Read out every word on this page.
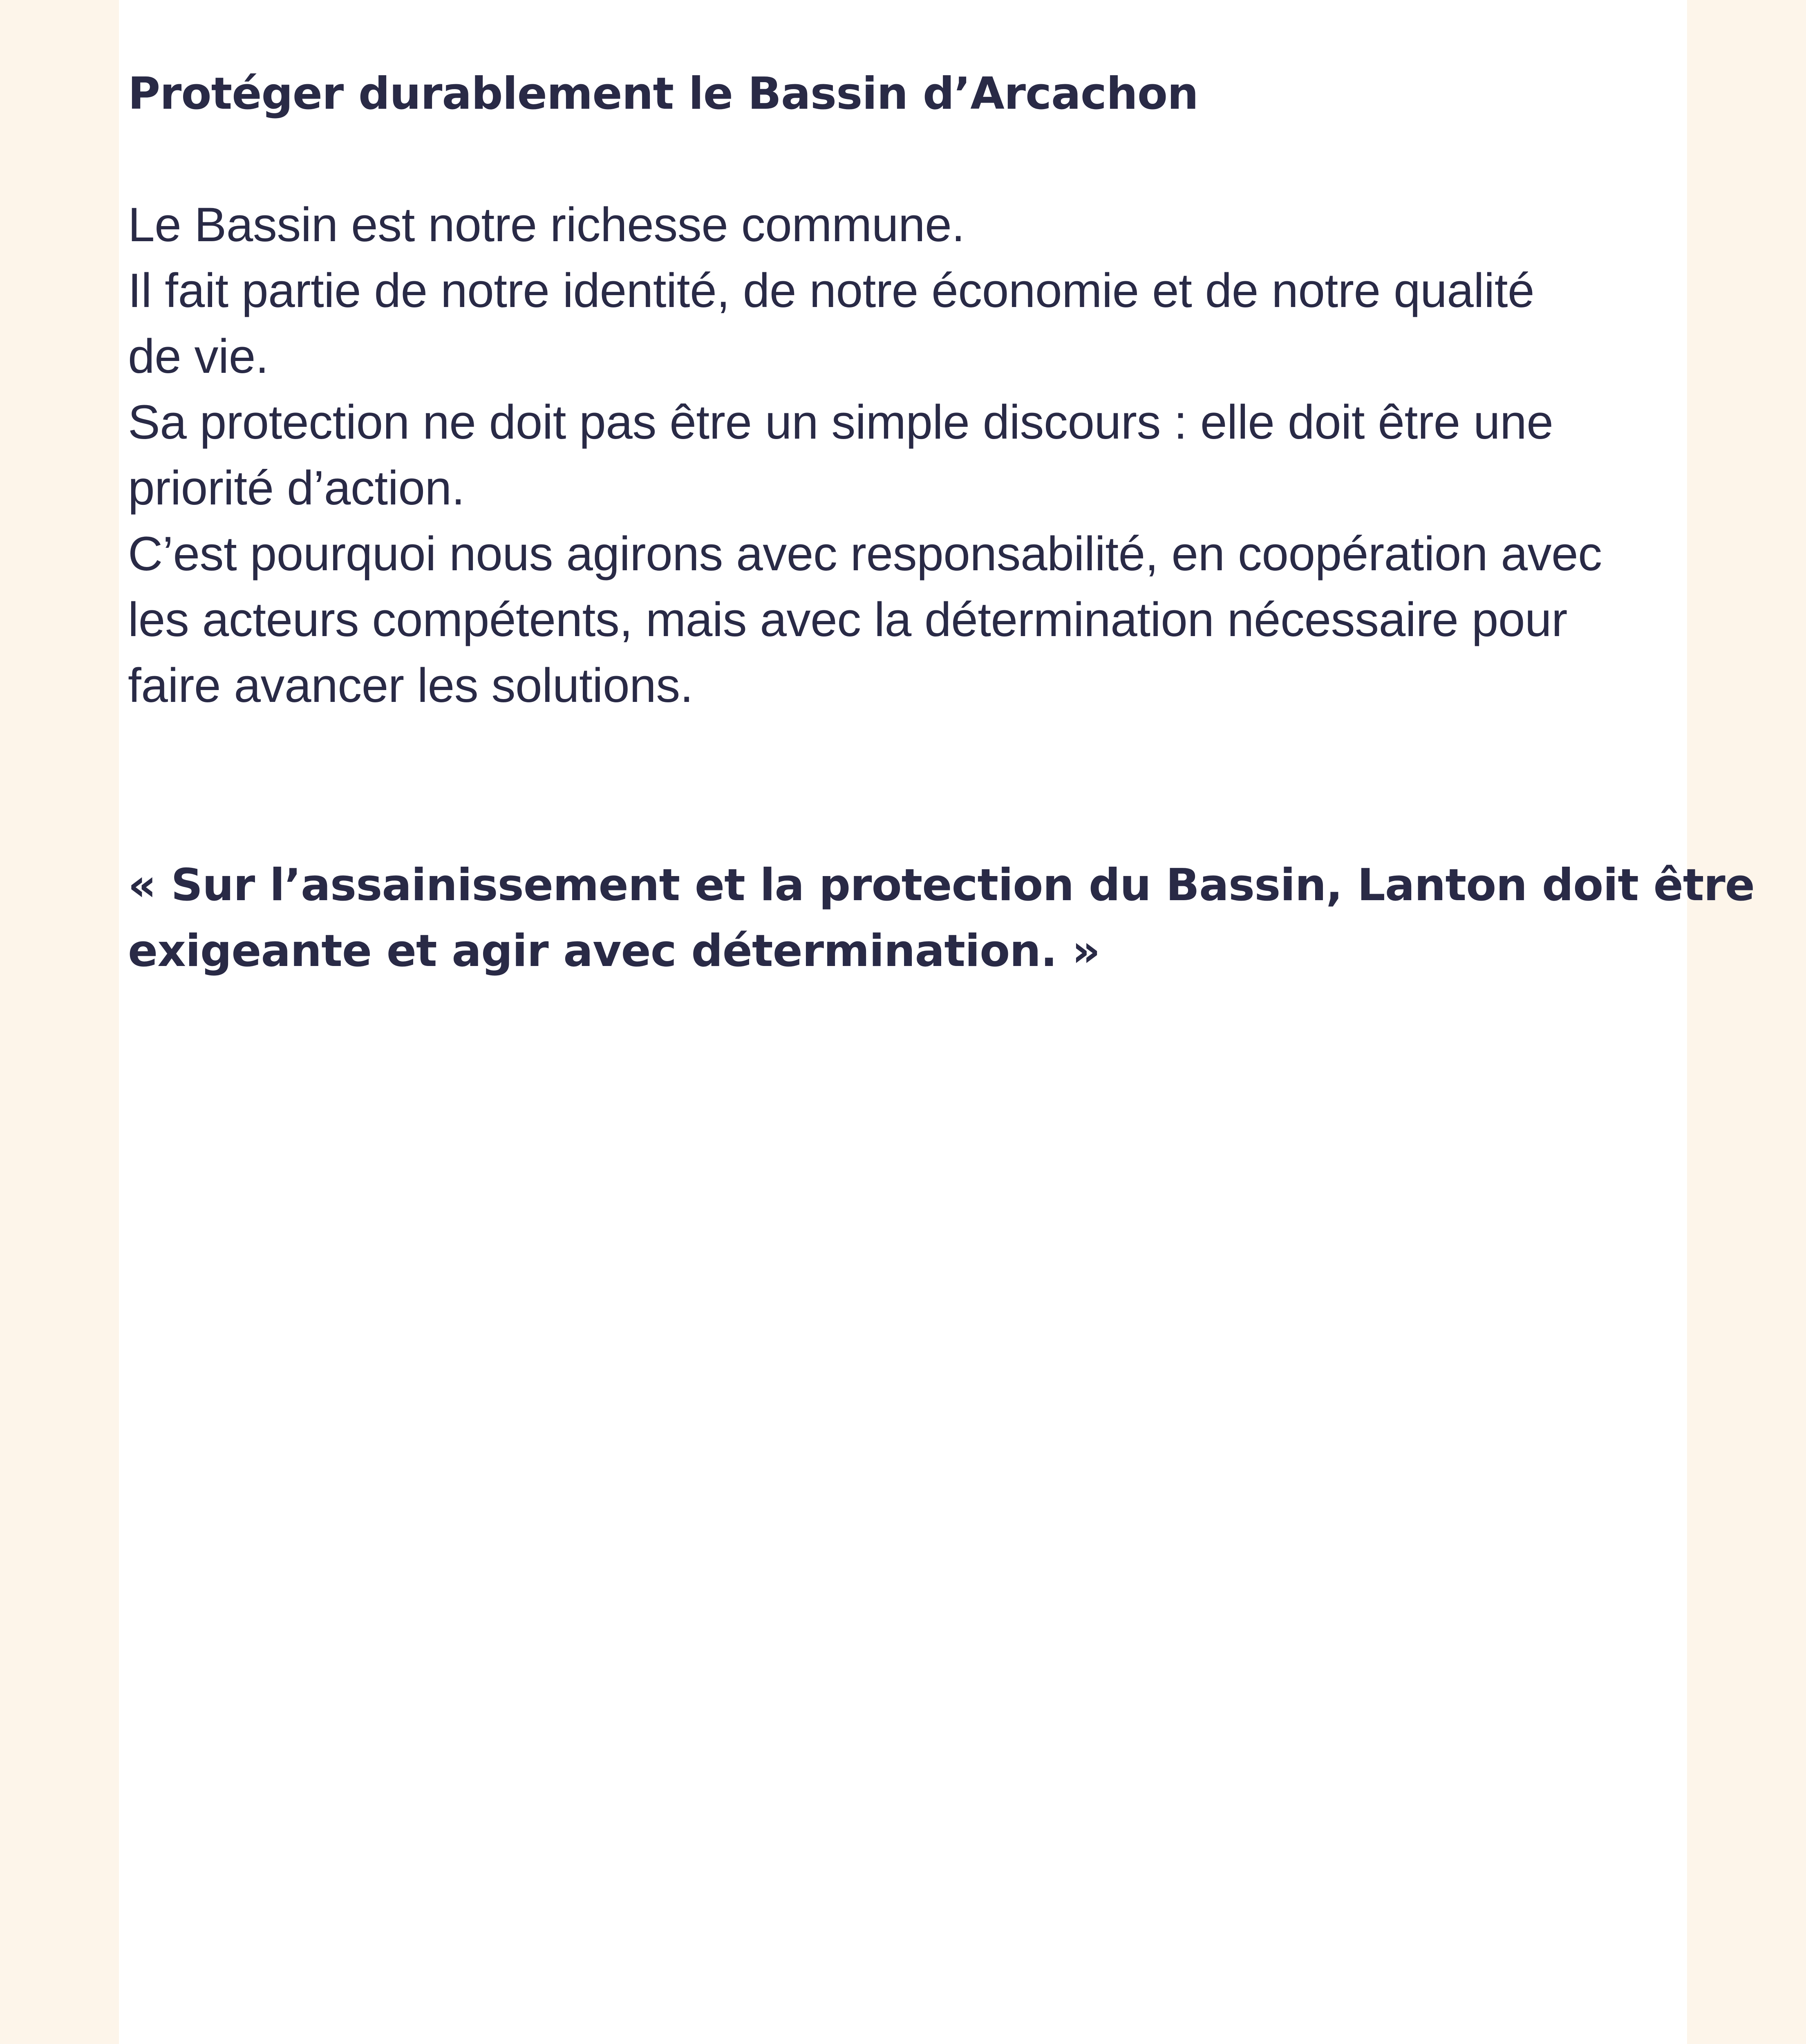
Protéger durablement le Bassin d’Arcachon

Le Bassin est notre richesse commune.
Il fait partie de notre identité, de notre économie et de notre qualité
de vie.
Sa protection ne doit pas être un simple discours : elle doit être une
priorité d’action.
C’est pourquoi nous agirons avec responsabilité, en coopération avec
les acteurs compétents, mais avec la détermination nécessaire pour
faire avancer les solutions.

« Sur l’assainissement et la protection du Bassin, Lanton doit être
exigeante et agir avec détermination. »
